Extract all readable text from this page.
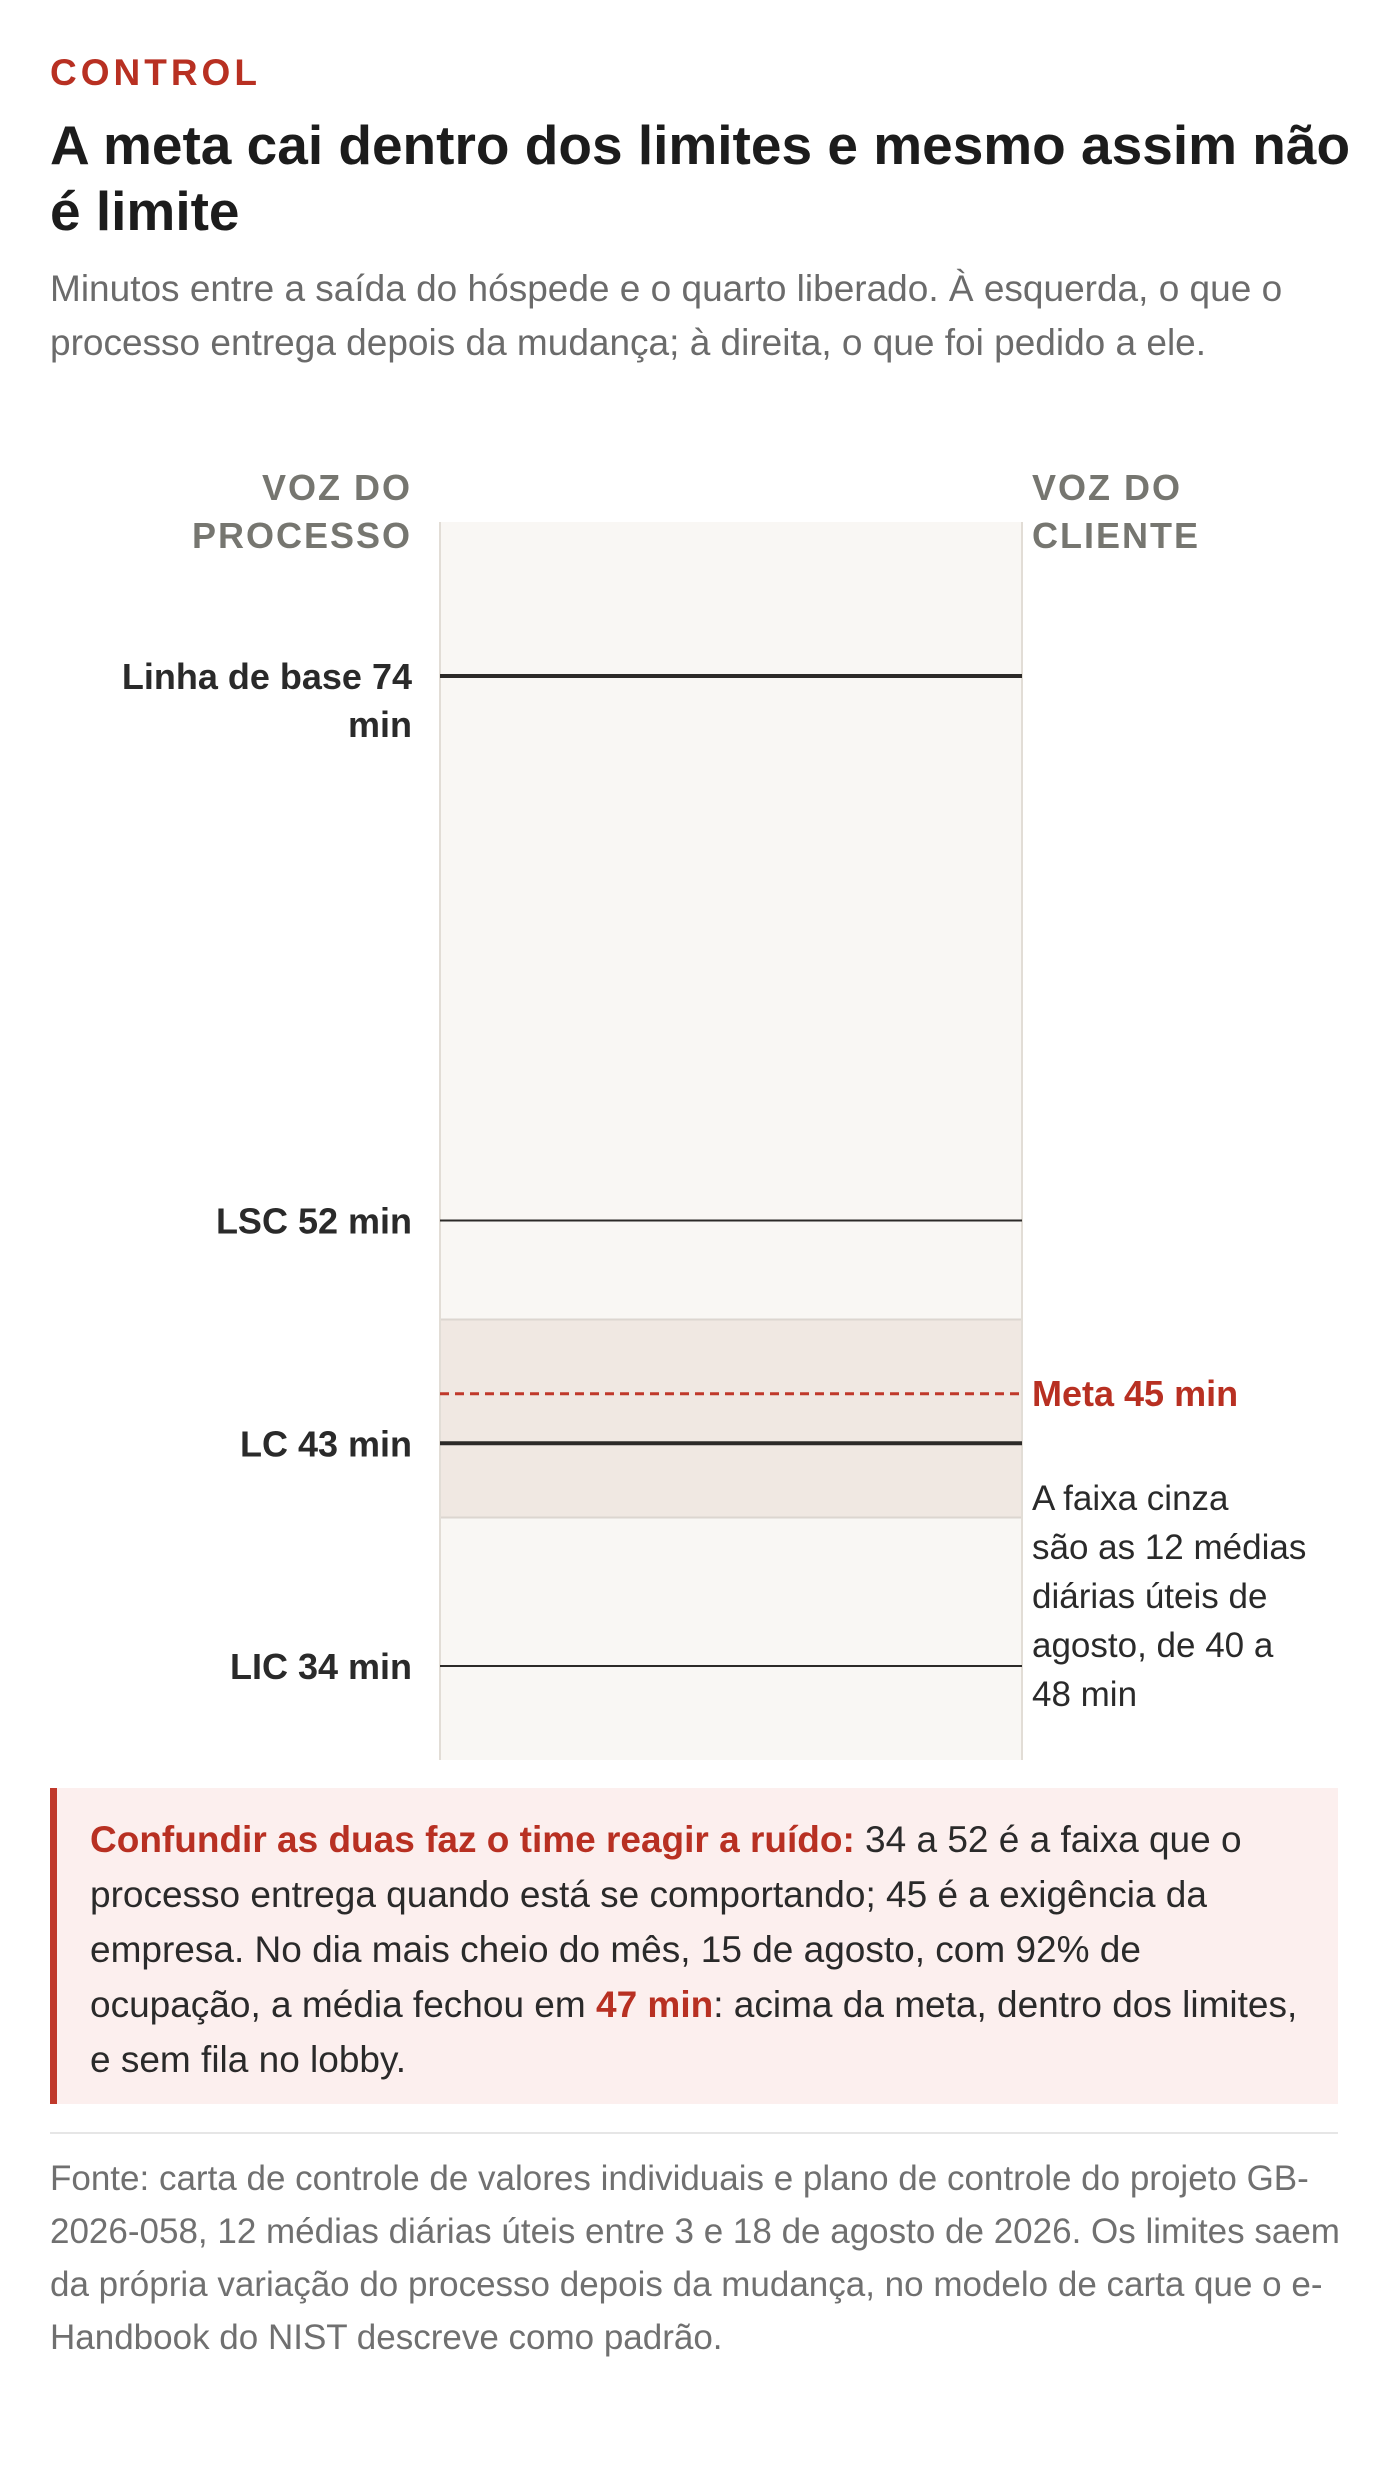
CONTROL
A meta cai dentro dos limites e mesmo assim não é limite

Minutos entre a saída do hóspede e o quarto liberado. À esquerda, o que o processo entrega depois da mudança; à direita, o que foi pedido a ele.

VOZ DO PROCESSO
VOZ DO CLIENTE
Linha de base 74 min
LSC 52 min
LC 43 min
LIC 34 min
Meta 45 min
A faixa cinza são as 12 médias diárias úteis de agosto, de 40 a 48 min
Confundir as duas faz o time reagir a ruído: 34 a 52 é a faixa que o processo entrega quando está se comportando; 45 é a exigência da empresa. No dia mais cheio do mês, 15 de agosto, com 92% de ocupação, a média fechou em 47 min: acima da meta, dentro dos limites, e sem fila no lobby.

Fonte: carta de controle de valores individuais e plano de controle do projeto GB-2026-058, 12 médias diárias úteis entre 3 e 18 de agosto de 2026. Os limites saem da própria variação do processo depois da mudança, no modelo de carta que o e-Handbook do NIST descreve como padrão.
